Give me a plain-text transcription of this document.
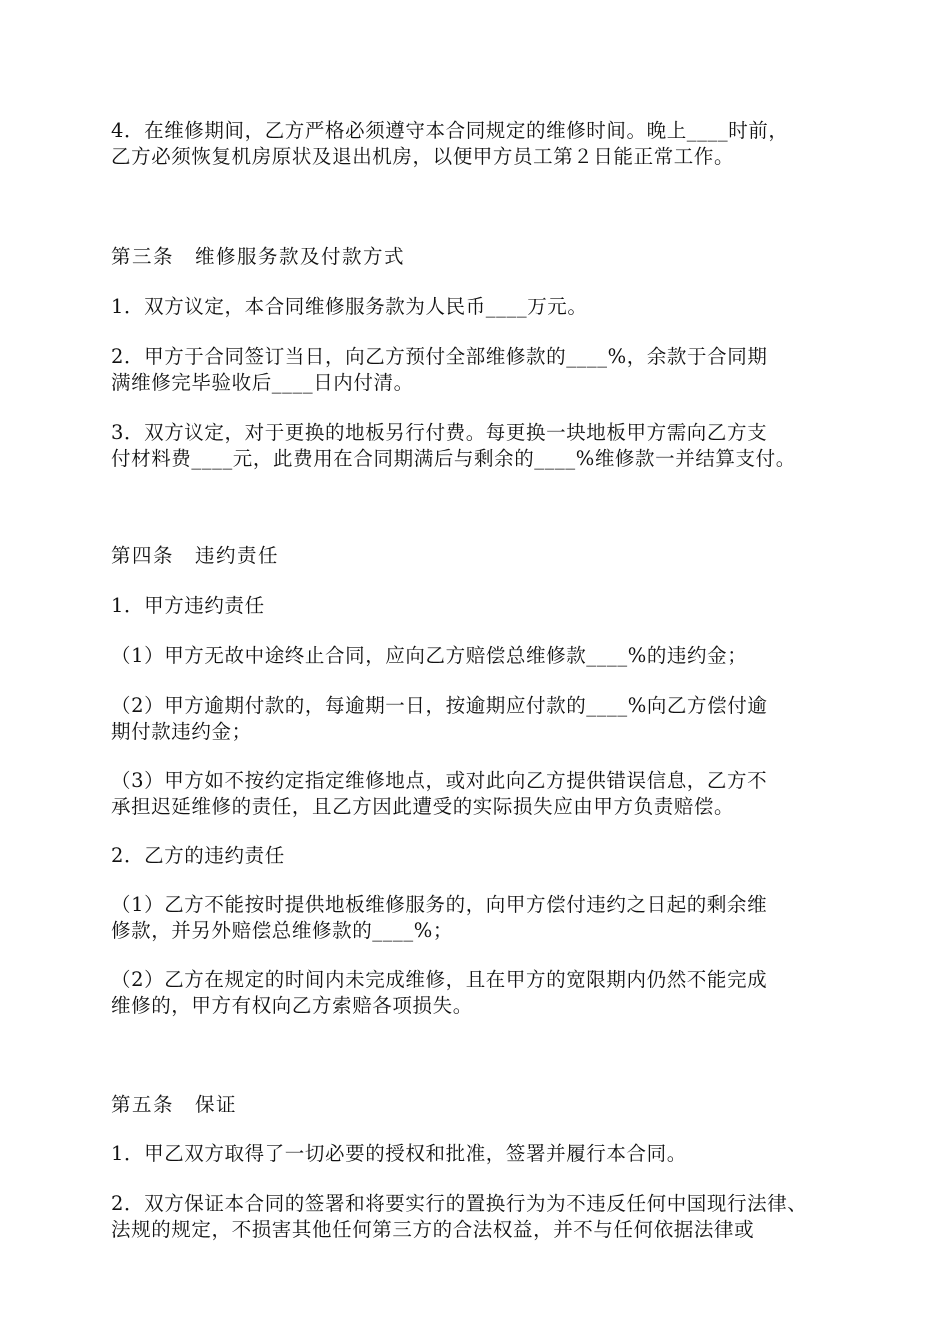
4．在维修期间，乙方严格必须遵守本合同规定的维修时间。晚上____时前，
乙方必须恢复机房原状及退出机房，以便甲方员工第２日能正常工作。
第三条　维修服务款及付款方式
1．双方议定，本合同维修服务款为人民币____万元。
2．甲方于合同签订当日，向乙方预付全部维修款的____%，余款于合同期
满维修完毕验收后____日内付清。
3．双方议定，对于更换的地板另行付费。每更换一块地板甲方需向乙方支
付材料费____元，此费用在合同期满后与剩余的____%维修款一并结算支付。
第四条　违约责任
1．甲方违约责任
（1）甲方无故中途终止合同，应向乙方赔偿总维修款____%的违约金；
（2）甲方逾期付款的，每逾期一日，按逾期应付款的____%向乙方偿付逾
期付款违约金；
（3）甲方如不按约定指定维修地点，或对此向乙方提供错误信息，乙方不
承担迟延维修的责任，且乙方因此遭受的实际损失应由甲方负责赔偿。
2．乙方的违约责任
（1）乙方不能按时提供地板维修服务的，向甲方偿付违约之日起的剩余维
修款，并另外赔偿总维修款的____%；
（2）乙方在规定的时间内未完成维修，且在甲方的宽限期内仍然不能完成
维修的，甲方有权向乙方索赔各项损失。
第五条　保证
1．甲乙双方取得了一切必要的授权和批准，签署并履行本合同。
2．双方保证本合同的签署和将要实行的置换行为为不违反任何中国现行法律、
法规的规定，不损害其他任何第三方的合法权益，并不与任何依据法律或
